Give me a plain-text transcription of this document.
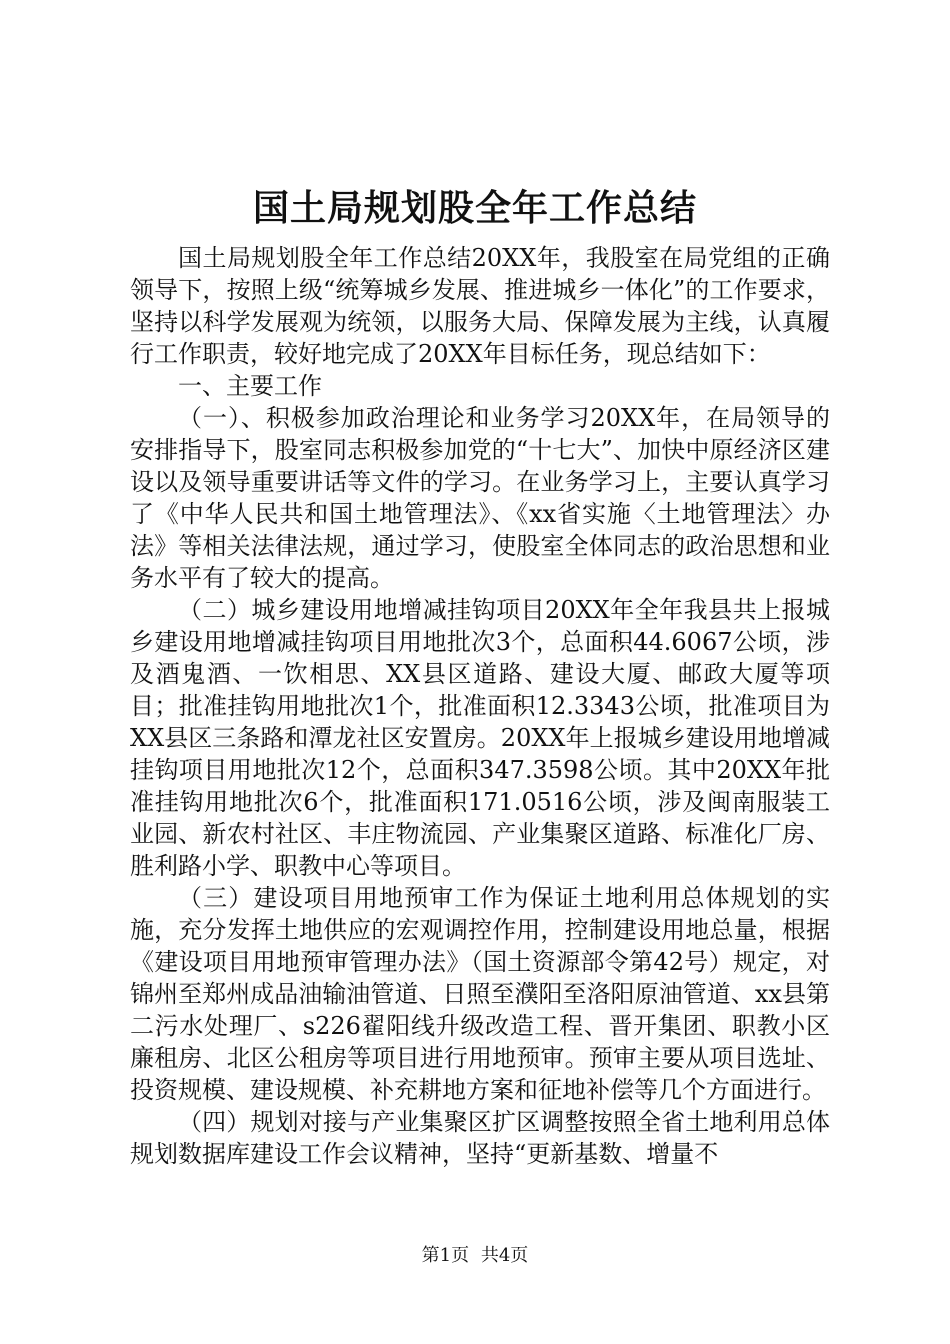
国土局规划股全年工作总结

国土局规划股全年工作总结20XX年，我股室在局党组的正确领导下，按照上级“统筹城乡发展、推进城乡一体化”的工作要求，坚持以科学发展观为统领，以服务大局、保障发展为主线，认真履行工作职责，较好地完成了20XX年目标任务，现总结如下：

一、主要工作

（一）、积极参加政治理论和业务学习20XX年，在局领导的安排指导下，股室同志积极参加党的“十七大”、加快中原经济区建设以及领导重要讲话等文件的学习。在业务学习上，主要认真学习了《中华人民共和国土地管理法》、《xx省实施〈土地管理法〉办法》等相关法律法规，通过学习，使股室全体同志的政治思想和业务水平有了较大的提高。

（二）城乡建设用地增减挂钩项目20XX年全年我县共上报城乡建设用地增减挂钩项目用地批次3个，总面积44.6067公顷，涉及酒鬼酒、一饮相思、XX县区道路、建设大厦、邮政大厦等项目；批准挂钩用地批次1个，批准面积12.3343公顷，批准项目为XX县区三条路和潭龙社区安置房。20XX年上报城乡建设用地增减挂钩项目用地批次12个，总面积347.3598公顷。其中20XX年批准挂钩用地批次6个，批准面积171.0516公顷，涉及闽南服装工业园、新农村社区、丰庄物流园、产业集聚区道路、标准化厂房、胜利路小学、职教中心等项目。

（三）建设项目用地预审工作为保证土地利用总体规划的实施，充分发挥土地供应的宏观调控作用，控制建设用地总量，根据《建设项目用地预审管理办法》（国土资源部令第42号）规定，对锦州至郑州成品油输油管道、日照至濮阳至洛阳原油管道、xx县第二污水处理厂、s226翟阳线升级改造工程、晋开集团、职教小区廉租房、北区公租房等项目进行用地预审。预审主要从项目选址、投资规模、建设规模、补充耕地方案和征地补偿等几个方面进行。

（四）规划对接与产业集聚区扩区调整按照全省土地利用总体规划数据库建设工作会议精神，坚持“更新基数、增量不

第1页 共4页
